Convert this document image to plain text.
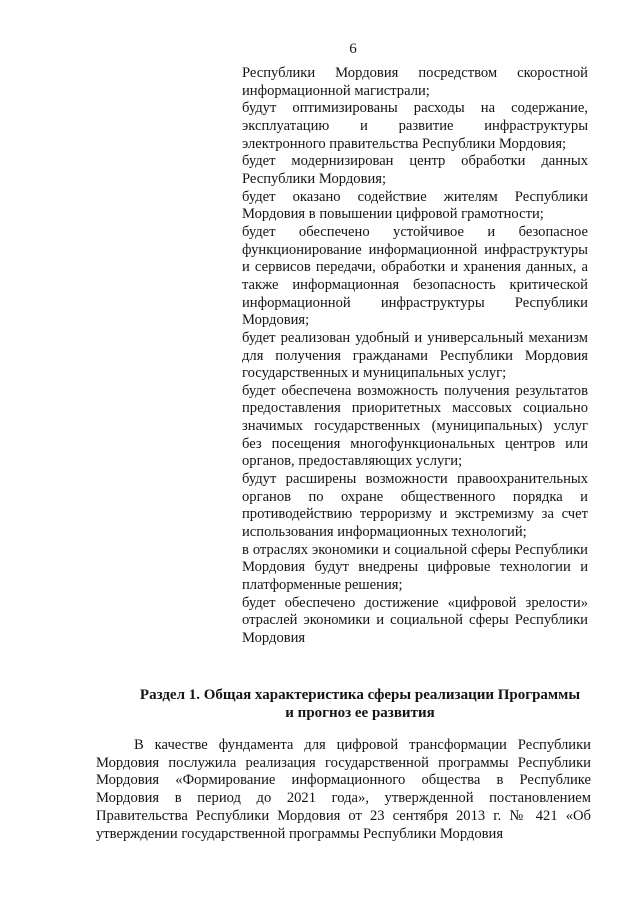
6

Республики Мордовия посредством скоростной информационной магистрали;

будут оптимизированы расходы на содержание, эксплуатацию и развитие инфраструктуры электронного правительства Республики Мордовия;

будет модернизирован центр обработки данных Республики Мордовия;

будет оказано содействие жителям Республики Мордовия в повышении цифровой грамотности;

будет обеспечено устойчивое и безопасное функционирование информационной инфраструктуры и сервисов передачи, обработки и хранения данных, а также информационная безопасность критической информационной инфраструктуры Республики Мордовия;

будет реализован удобный и универсальный механизм для получения гражданами Республики Мордовия государственных и муниципальных услуг;

будет обеспечена возможность получения результатов предоставления приоритетных массовых социально значимых государственных (муниципальных) услуг без посещения многофункциональных центров или органов, предоставляющих услуги;

будут расширены возможности правоохранительных органов по охране общественного порядка и противодействию терроризму и экстремизму за счет использования информационных технологий;

в отраслях экономики и социальной сферы Республики Мордовия будут внедрены цифровые технологии и платформенные решения;

будет обеспечено достижение «цифровой зрелости» отраслей экономики и социальной сферы Республики Мордовия

Раздел 1. Общая характеристика сферы реализации Программы
и прогноз ее развития

В качестве фундамента для цифровой трансформации Республики Мордовия послужила реализация государственной программы Республики Мордовия «Формирование информационного общества в Республике Мордовия в период до 2021 года», утвержденной постановлением Правительства Республики Мордовия от 23 сентября 2013 г. № 421 «Об утверждении государственной программы Республики Мордовия
